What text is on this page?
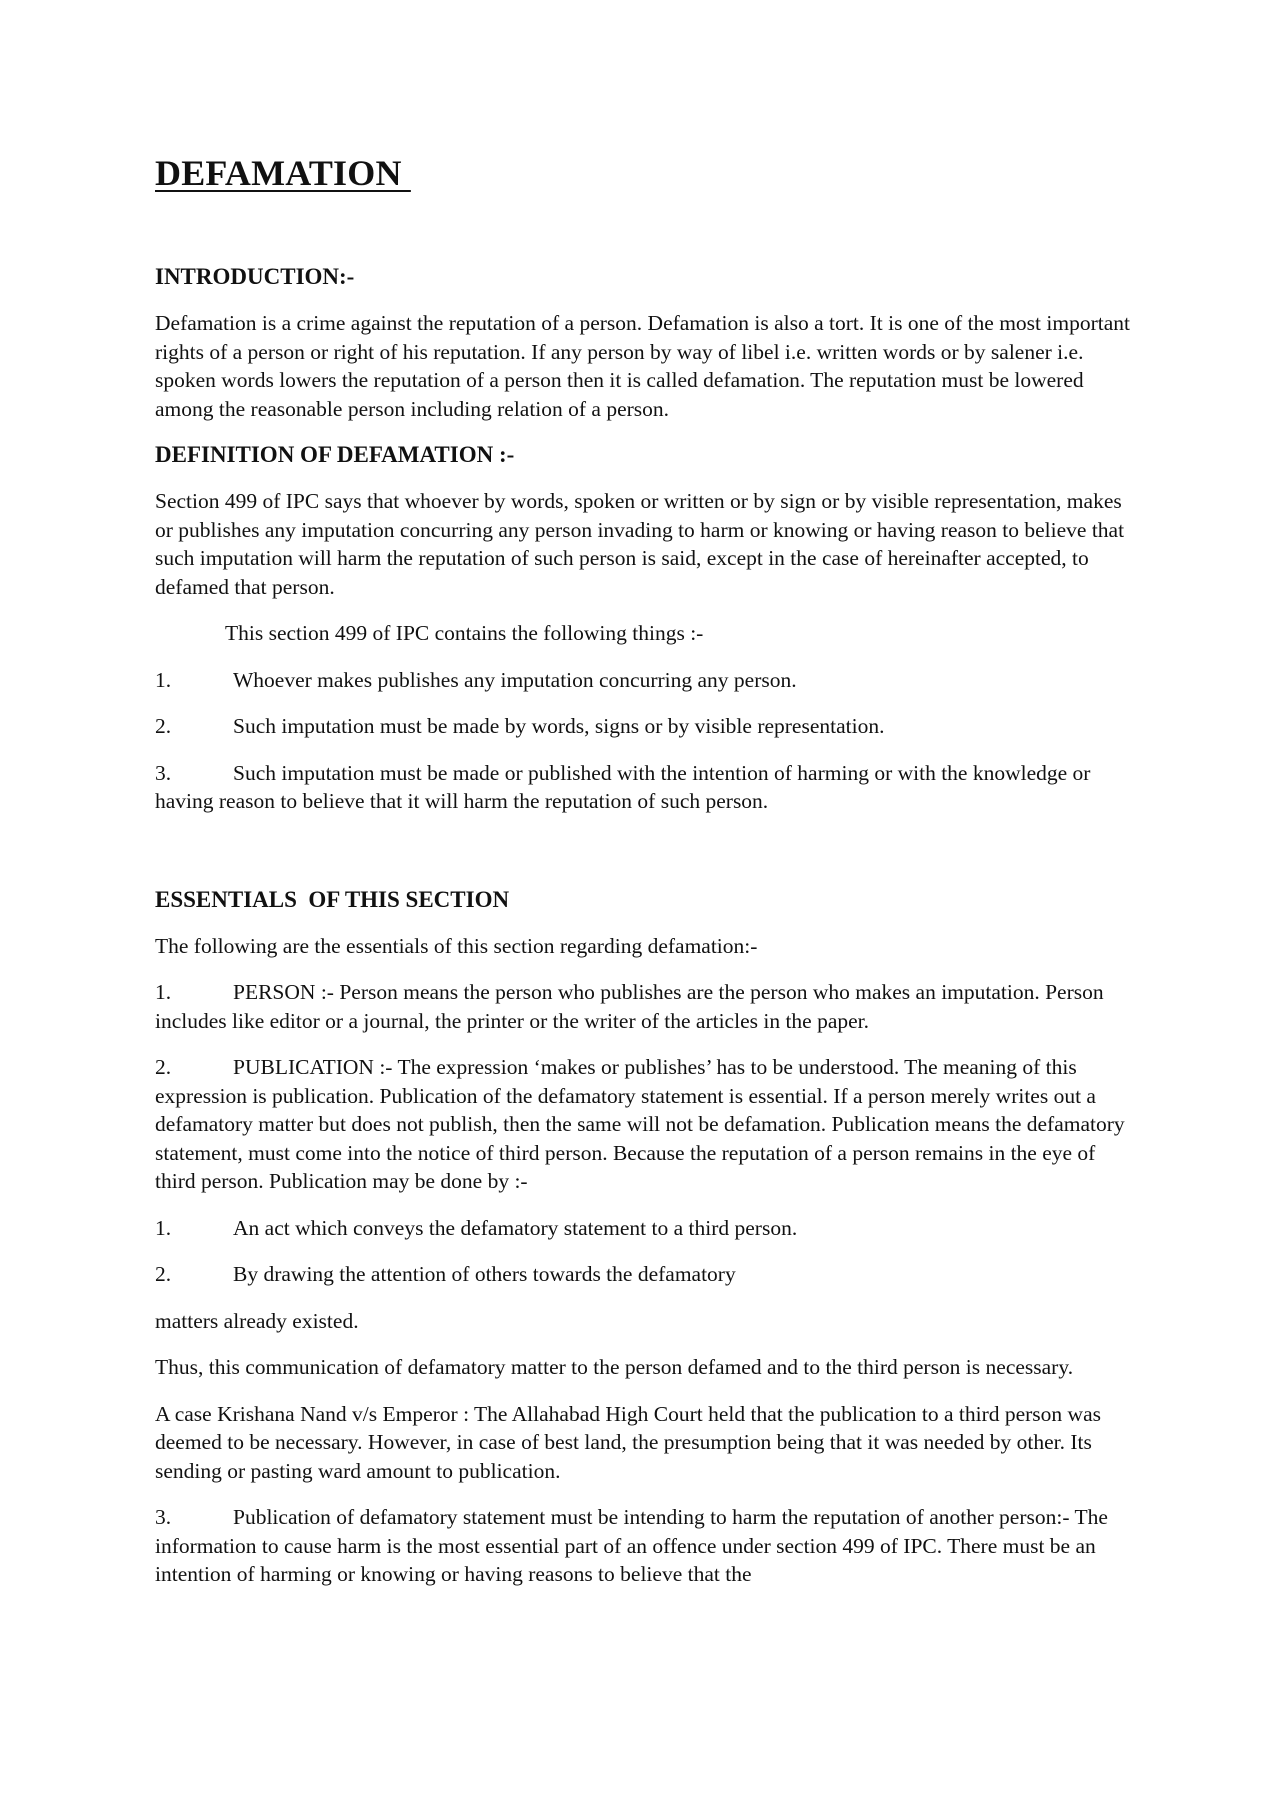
DEFAMATION
INTRODUCTION:-

Defamation is a crime against the reputation of a person. Defamation is also a tort. It is one of the most important rights of a person or right of his reputation. If any person by way of libel i.e. written words or by salener i.e. spoken words lowers the reputation of a person then it is called defamation. The reputation must be lowered among the reasonable person including relation of a person.

DEFINITION OF DEFAMATION :-

Section 499 of IPC says that whoever by words, spoken or written or by sign or by visible representation, makes or publishes any imputation concurring any person invading to harm or knowing or having reason to believe that such imputation will harm the reputation of such person is said, except in the case of hereinafter accepted, to defamed that person.

This section 499 of IPC contains the following things :-

1.	Whoever makes publishes any imputation concurring any person.

2.	Such imputation must be made by words, signs or by visible representation.

3.	Such imputation must be made or published with the intention of harming or with the knowledge or having reason to believe that it will harm the reputation of such person.

ESSENTIALS  OF THIS SECTION

The following are the essentials of this section regarding defamation:-

1.	PERSON :- Person means the person who publishes are the person who makes an imputation. Person includes like editor or a journal, the printer or the writer of the articles in the paper.

2.	PUBLICATION :- The expression ‘makes or publishes’ has to be understood. The meaning of this expression is publication. Publication of the defamatory statement is essential. If a person merely writes out a defamatory matter but does not publish, then the same will not be defamation. Publication means the defamatory statement, must come into the notice of third person. Because the reputation of a person remains in the eye of third person. Publication may be done by :-

1.	An act which conveys the defamatory statement to a third person.

2.	By drawing the attention of others towards the defamatory

matters already existed.

Thus, this communication of defamatory matter to the person defamed and to the third person is necessary.

A case Krishana Nand v/s Emperor : The Allahabad High Court held that the publication to a third person was deemed to be necessary. However, in case of best land, the presumption being that it was needed by other. Its sending or pasting ward amount to publication.

3.	Publication of defamatory statement must be intending to harm the reputation of another person:- The information to cause harm is the most essential part of an offence under section 499 of IPC. There must be an intention of harming or knowing or having reasons to believe that the
